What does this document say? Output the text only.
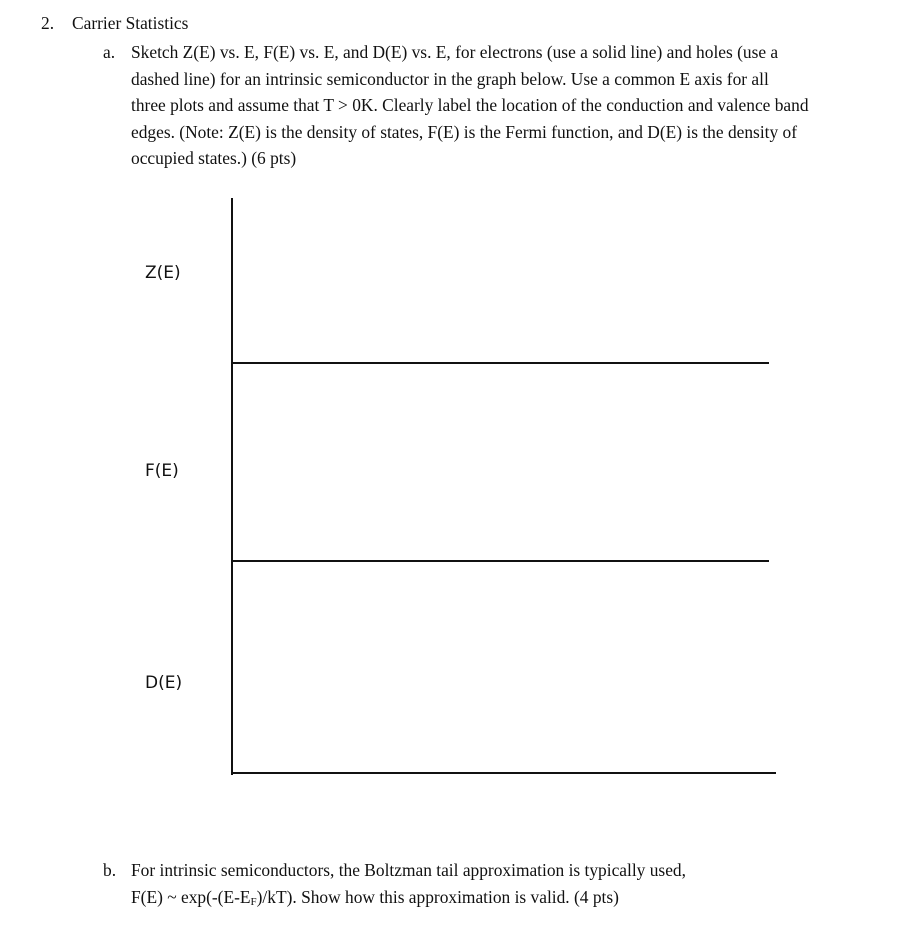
2. Carrier Statistics
a. Sketch Z(E) vs. E, F(E) vs. E, and D(E) vs. E, for electrons (use a solid line) and holes (use a
dashed line) for an intrinsic semiconductor in the graph below. Use a common E axis for all
three plots and assume that T > 0K. Clearly label the location of the conduction and valence band
edges. (Note: Z(E) is the density of states, F(E) is the Fermi function, and D(E) is the density of
occupied states.) (6 pts)
Z(E)
F(E)
D(E)
b. For intrinsic semiconductors, the Boltzman tail approximation is typically used,
F(E) ~ $\exp(-(E-E_F)/kT)$. Show how this approximation is valid. (4 pts)
